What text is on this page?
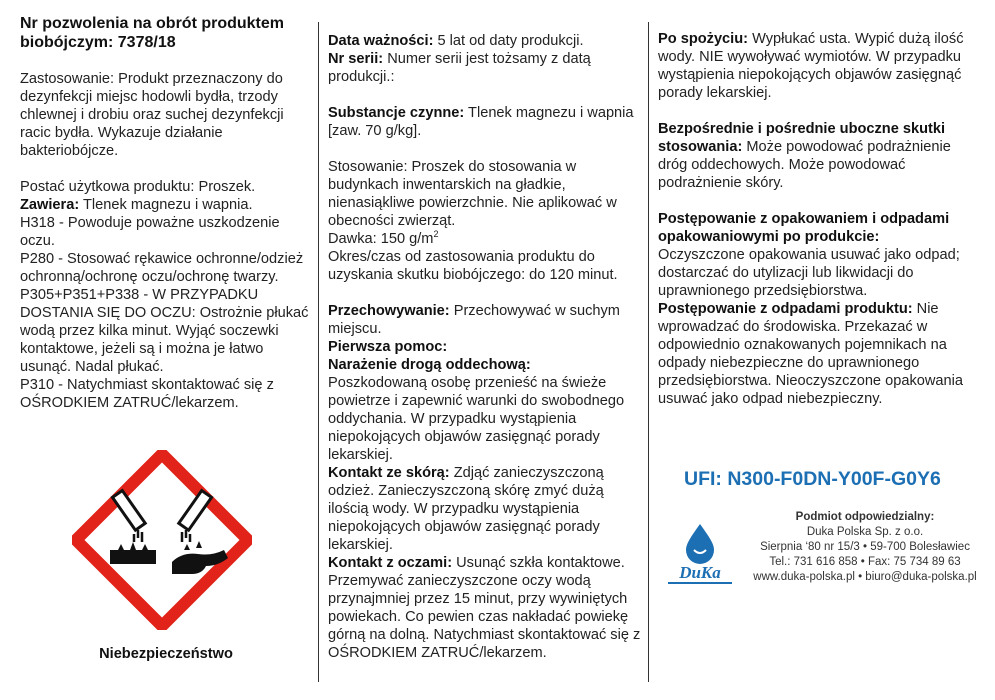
Nr pozwolenia na obrót produktem biobójczym: 7378/18

Zastosowanie: Produkt przeznaczony do dezynfekcji miejsc hodowli bydła, trzody chlewnej i drobiu oraz suchej dezynfekcji racic bydła. Wykazuje działanie bakteriobójcze.

Postać użytkowa produktu: Proszek.

Zawiera: Tlenek magnezu i wapnia.

H318 - Powoduje poważne uszkodzenie oczu.

P280 - Stosować rękawice ochronne/odzież ochronną/ochronę oczu/ochronę twarzy.

P305+P351+P338 - W PRZYPADKU DOSTANIA SIĘ DO OCZU: Ostrożnie płukać wodą przez kilka minut. Wyjąć soczewki kontaktowe, jeżeli są i można je łatwo usunąć. Nadal płukać.

P310 - Natychmiast skontaktować się z OŚRODKIEM ZATRUĆ/lekarzem.

Niebezpieczeństwo

Data ważności: 5 lat od daty produkcji.

Nr serii: Numer serii jest tożsamy z datą produkcji.:

Substancje czynne: Tlenek magnezu i wapnia [zaw. 70 g/kg].

Stosowanie: Proszek do stosowania w budynkach inwentarskich na gładkie, nienasiąkliwe powierzchnie. Nie aplikować w obecności zwierząt.

Dawka: 150 $g/m^2$

Okres/czas od zastosowania produktu do uzyskania skutku biobójczego: do 120 minut.

Przechowywanie: Przechowywać w suchym miejscu.

Pierwsza pomoc:

Narażenie drogą oddechową:

Poszkodowaną osobę przenieść na świeże powietrze i zapewnić warunki do swobodnego oddychania. W przypadku wystąpienia niepokojących objawów zasięgnąć porady lekarskiej.

Kontakt ze skórą: Zdjąć zanieczyszczoną odzież. Zanieczyszczoną skórę zmyć dużą ilością wody. W przypadku wystąpienia niepokojących objawów zasięgnąć porady lekarskiej.

Kontakt z oczami: Usunąć szkła kontaktowe. Przemywać zanieczyszczone oczy wodą przynajmniej przez 15 minut, przy wywiniętych powiekach. Co pewien czas nakładać powiekę górną na dolną. Natychmiast skontaktować się z OŚRODKIEM ZATRUĆ/lekarzem.

Po spożyciu: Wypłukać usta. Wypić dużą ilość wody. NIE wywoływać wymiotów. W przypadku wystąpienia niepokojących objawów zasięgnąć porady lekarskiej.

Bezpośrednie i pośrednie uboczne skutki stosowania: Może powodować podrażnienie dróg oddechowych. Może powodować podrażnienie skóry.

Postępowanie z opakowaniem i odpadami opakowaniowymi po produkcie:

Oczyszczone opakowania usuwać jako odpad; dostarczać do utylizacji lub likwidacji do uprawnionego przedsiębiorstwa.

Postępowanie z odpadami produktu: Nie wprowadzać do środowiska. Przekazać w odpowiednio oznakowanych pojemnikach na odpady niebezpieczne do uprawnionego przedsiębiorstwa. Nieoczyszczone opakowania usuwać jako odpad niebezpieczny.

UFI: N300-F0DN-Y00F-G0Y6
DuKa
Podmiot odpowiedzialny:
Duka Polska Sp. z o.o.
Sierpnia ‘80 nr 15/3 • 59-700 Bolesławiec
Tel.: 731 616 858 • Fax: 75 734 89 63
www.duka-polska.pl • biuro@duka-polska.pl
